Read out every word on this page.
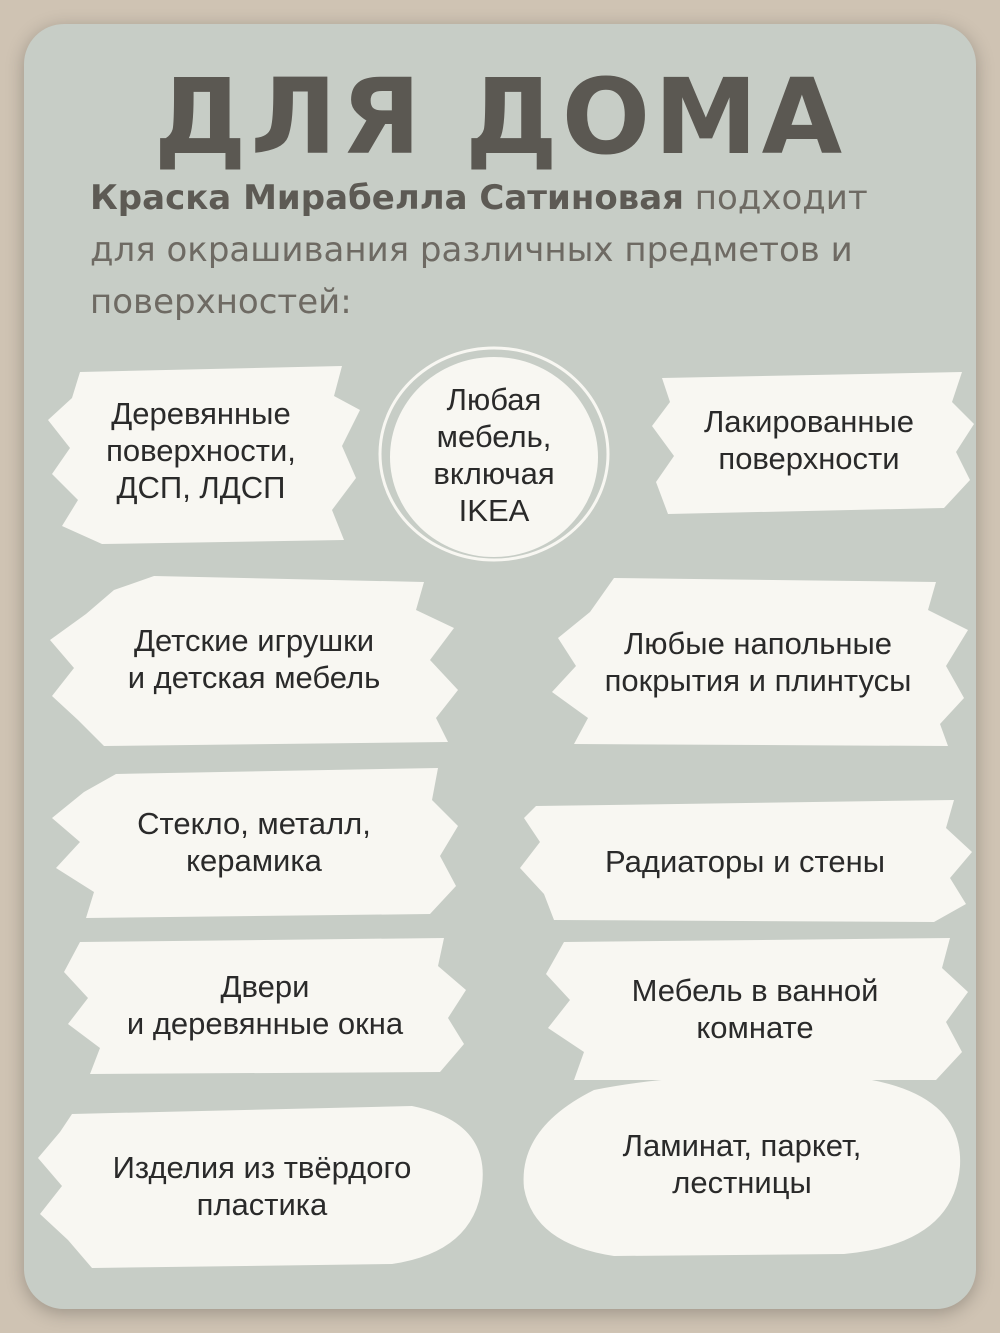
ДЛЯ ДОМА

Краска Мирабелла Сатиновая подходит для окрашивания различных предметов и поверхностей:

Деревянные
поверхности,
ДСП, ЛДСП
Любая
мебель,
включая
IKEA
Лакированные
поверхности
Детские игрушки
и детская мебель
Любые напольные
покрытия и плинтусы
Стекло, металл,
керамика	Радиаторы и стены
Двери
и деревянные окна
Мебель в ванной
комнате
Изделия из твёрдого
пластика
Ламинат, паркет,
лестницы
